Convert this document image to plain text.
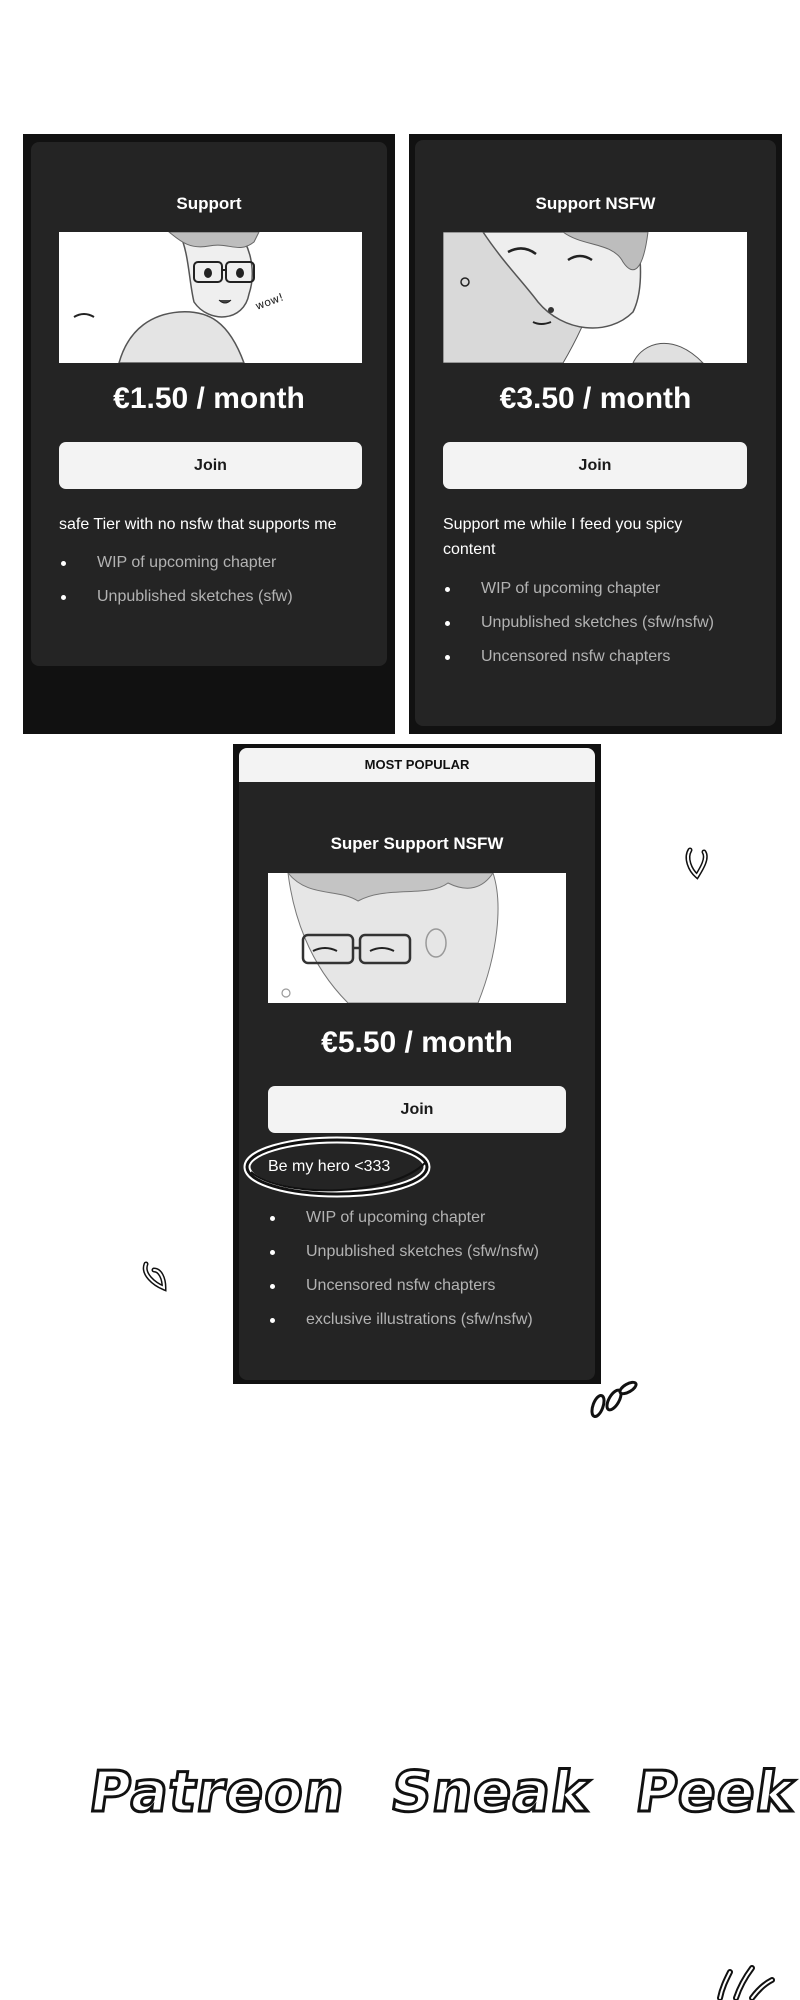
Support
wow!
€1.50 / month
Join
safe Tier with no nsfw that supports me
WIP of upcoming chapter
Unpublished sketches (sfw)
Support NSFW
€3.50 / month
Join
Support me while I feed you spicy content
WIP of upcoming chapter
Unpublished sketches (sfw/nsfw)
Uncensored nsfw chapters
MOST POPULAR
Super Support NSFW
€5.50 / month
Join
Be my hero <333
WIP of upcoming chapter
Unpublished sketches (sfw/nsfw)
Uncensored nsfw chapters
exclusive illustrations (sfw/nsfw)
Patreon Sneak Peek
